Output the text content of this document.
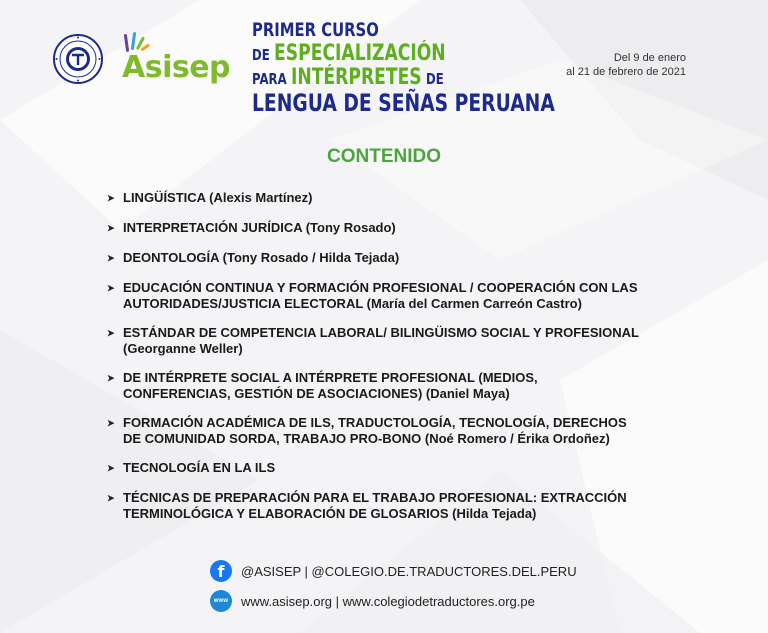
Asisep
PRIMER CURSO
DE ESPECIALIZACIÓN
PARA INTÉRPRETES DE
LENGUA DE SEÑAS PERUANA
Del 9 de enero
al 21 de febrero de 2021
CONTENIDO
➤ LINGÜÍSTICA (Alexis Martínez)
➤ INTERPRETACIÓN JURÍDICA (Tony Rosado)
➤ DEONTOLOGÍA (Tony Rosado / Hilda Tejada)
➤ EDUCACIÓN CONTINUA Y FORMACIÓN PROFESIONAL / COOPERACIÓN CON LAS
AUTORIDADES/JUSTICIA ELECTORAL (María del Carmen Carreón Castro)
➤ ESTÁNDAR DE COMPETENCIA LABORAL/ BILINGÜISMO SOCIAL Y PROFESIONAL
(Georganne Weller)
➤ DE INTÉRPRETE SOCIAL A INTÉRPRETE PROFESIONAL (MEDIOS,
CONFERENCIAS, GESTIÓN DE ASOCIACIONES) (Daniel Maya)
➤ FORMACIÓN ACADÉMICA DE ILS, TRADUCTOLOGÍA, TECNOLOGÍA, DERECHOS
DE COMUNIDAD SORDA, TRABAJO PRO-BONO (Noé Romero / Érika Ordoñez)
➤ TECNOLOGÍA EN LA ILS
➤ TÉCNICAS DE PREPARACIÓN PARA EL TRABAJO PROFESIONAL: EXTRACCIÓN
TERMINOLÓGICA Y ELABORACIÓN DE GLOSARIOS (Hilda Tejada)
f	@ASISEP | @COLEGIO.DE.TRADUCTORES.DEL.PERU
www www.asisep.org | www.colegiodetraductores.org.pe
